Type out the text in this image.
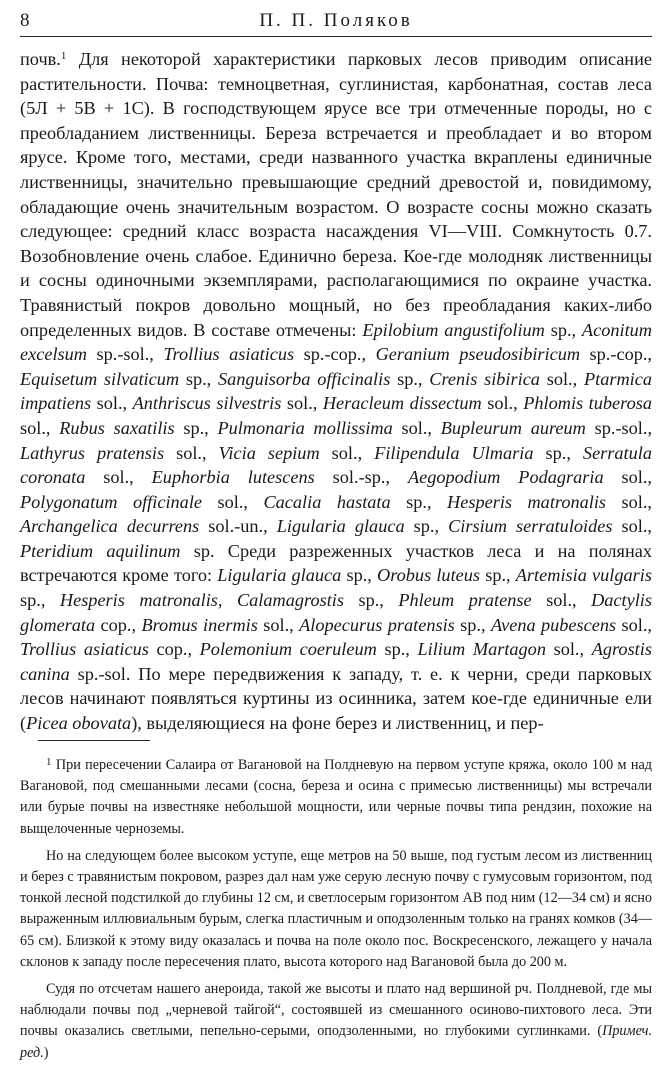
8	П. П. Поляков

почв.$^1$ Для некоторой характеристики парковых лесов приводим описание растительности. Почва: темноцветная, суглинистая, карбонатная, состав леса (5Л + 5В + 1С). В господствующем ярусе все три отмеченные породы, но с преобладанием лиственницы. Береза встречается и преобладает и во втором ярусе. Кроме того, местами, среди названного участка вкраплены единичные лиственницы, значительно превышающие средний древостой и, повидимому, обладающие очень значительным возрастом. О возрасте сосны можно сказать следующее: средний класс возраста насаждения VI—VIII. Сомкнутость 0.7. Возобновление очень слабое. Единично береза. Кое-где молодняк лиственницы и сосны одиночными экземплярами, располагающимися по окраине участка. Травянистый покров довольно мощный, но без преобладания каких-либо определенных видов. В составе отмечены: Epilobium angustifolium sp., Aconitum excelsum sp.-sol., Trollius asiaticus sp.-cop., Geranium pseudosibiricum sp.-cop., Equisetum silvaticum sp., Sanguisorba officinalis sp., Crenis sibirica sol., Ptarmica impatiens sol., Anthriscus silvestris sol., Heracleum dissectum sol., Phlomis tuberosa sol., Rubus saxatilis sp., Pulmonaria mollissima sol., Bupleurum aureum sp.-sol., Lathyrus pratensis sol., Vicia sepium sol., Filipendula Ulmaria sp., Serratula coronata sol., Euphorbia lutescens sol.-sp., Aegopodium Podagraria sol., Polygonatum officinale sol., Cacalia hastata sp., Hesperis matronalis sol., Archangelica decurrens sol.-un., Ligularia glauca sp., Cirsium serratuloides sol., Pteridium aquilinum sp. Среди разреженных участков леса и на полянах встречаются кроме того: Ligularia glauca sp., Orobus luteus sp., Artemisia vulgaris sp., Hesperis matronalis, Calamagrostis sp., Phleum pratense sol., Dactylis glomerata cop., Bromus inermis sol., Alopecurus pratensis sp., Avena pubescens sol., Trollius asiaticus cop., Polemonium coeruleum sp., Lilium Martagon sol., Agrostis canina sp.-sol. По мере передвижения к западу, т. е. к черни, среди парковых лесов начинают появляться куртины из осинника, затем кое-где единичные ели (Picea obovata), выделяющиеся на фоне берез и лиственниц, и пер-

$^1$ При пересечении Салаира от Вагановой на Полдневую на первом уступе кряжа, около 100 м над Вагановой, под смешанными лесами (сосна, береза и осина с примесью лиственницы) мы встречали или бурые почвы на известняке небольшой мощности, или черные почвы типа рендзин, похожие на выщелоченные черноземы.

Но на следующем более высоком уступе, еще метров на 50 выше, под густым лесом из лиственниц и берез с травянистым покровом, разрез дал нам уже серую лесную почву с гумусовым горизонтом, под тонкой лесной подстилкой до глубины 12 см, и светлосерым горизонтом АВ под ним (12—34 см) и ясно выраженным иллювиальным бурым, слегка пластичным и оподзоленным только на гранях комков (34—65 см). Близкой к этому виду оказалась и почва на поле около пос. Воскресенского, лежащего у начала склонов к западу после пересечения плато, высота которого над Вагановой была до 200 м.

Судя по отсчетам нашего анероида, такой же высоты и плато над вершиной рч. Полдневой, где мы наблюдали почвы под „черневой тайгой“, состоявшей из смешанного осиново-пихтового леса. Эти почвы оказались светлыми, пепельно-серыми, оподзоленными, но глубокими суглинками. (Примеч. ред.)
